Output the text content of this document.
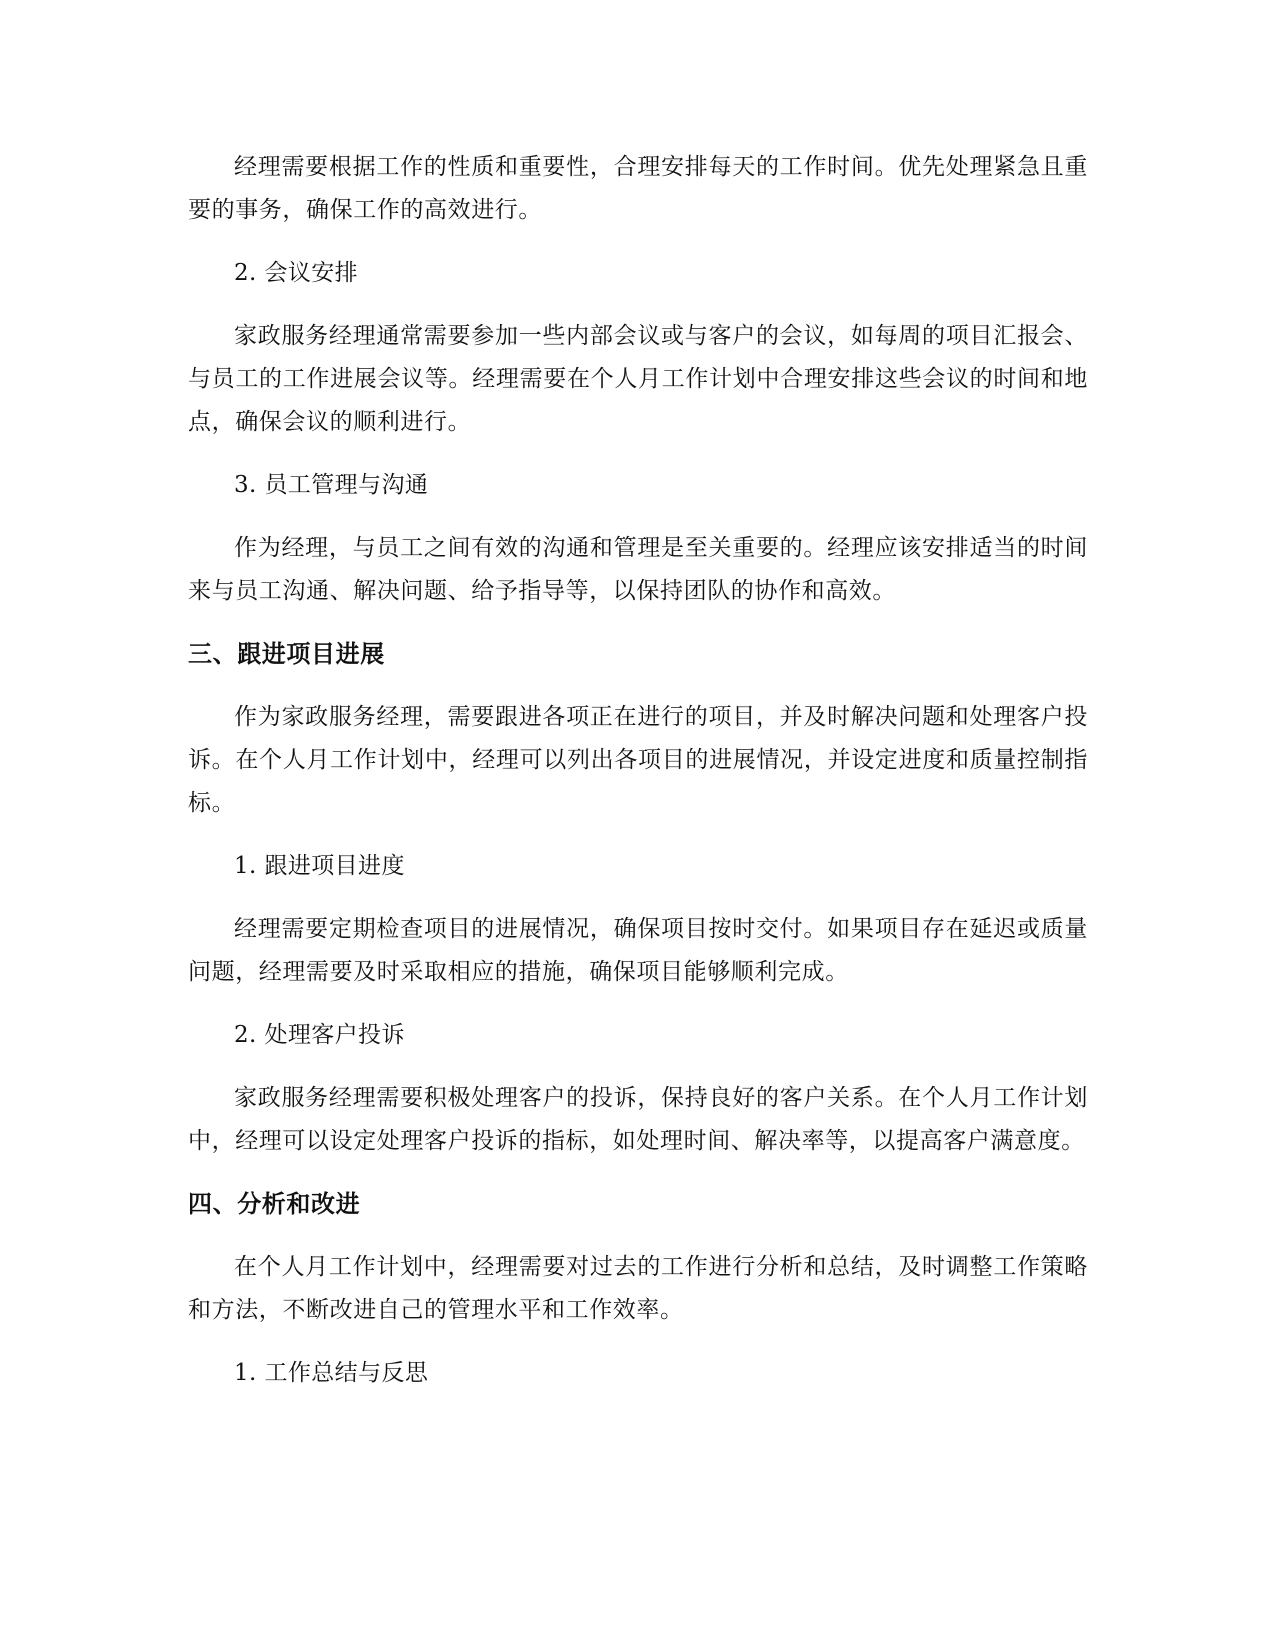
经理需要根据工作的性质和重要性，合理安排每天的工作时间。优先处理紧急且重要的事务，确保工作的高效进行。

2. 会议安排

家政服务经理通常需要参加一些内部会议或与客户的会议，如每周的项目汇报会、与员工的工作进展会议等。经理需要在个人月工作计划中合理安排这些会议的时间和地点，确保会议的顺利进行。

3. 员工管理与沟通

作为经理，与员工之间有效的沟通和管理是至关重要的。经理应该安排适当的时间来与员工沟通、解决问题、给予指导等，以保持团队的协作和高效。

三、跟进项目进展

作为家政服务经理，需要跟进各项正在进行的项目，并及时解决问题和处理客户投诉。在个人月工作计划中，经理可以列出各项目的进展情况，并设定进度和质量控制指标。

1. 跟进项目进度

经理需要定期检查项目的进展情况，确保项目按时交付。如果项目存在延迟或质量问题，经理需要及时采取相应的措施，确保项目能够顺利完成。

2. 处理客户投诉

家政服务经理需要积极处理客户的投诉，保持良好的客户关系。在个人月工作计划中，经理可以设定处理客户投诉的指标，如处理时间、解决率等，以提高客户满意度。

四、分析和改进

在个人月工作计划中，经理需要对过去的工作进行分析和总结，及时调整工作策略和方法，不断改进自己的管理水平和工作效率。

1. 工作总结与反思
